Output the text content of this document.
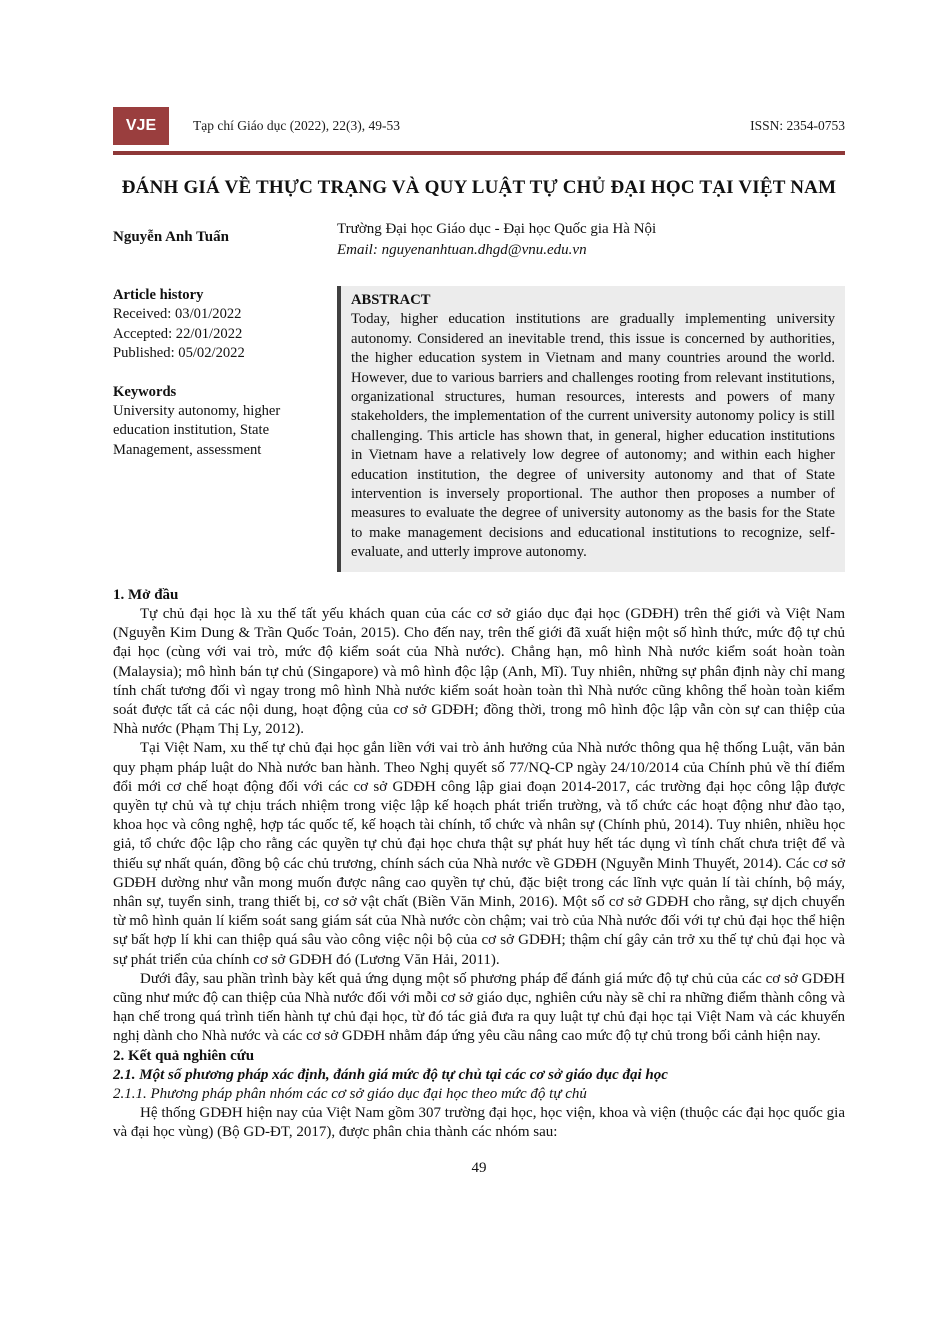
VJE	Tạp chí Giáo dục (2022), 22(3), 49-53	ISSN: 2354-0753
ĐÁNH GIÁ VỀ THỰC TRẠNG VÀ QUY LUẬT TỰ CHỦ ĐẠI HỌC TẠI VIỆT NAM
Nguyễn Anh Tuấn	Trường Đại học Giáo dục - Đại học Quốc gia Hà Nội
Email: nguyenanhtuan.dhgd@vnu.edu.vn
Article history
Received: 03/01/2022
Accepted: 22/01/2022
Published: 05/02/2022
Keywords
University autonomy, higher education institution, State Management, assessment
ABSTRACT
Today, higher education institutions are gradually implementing university autonomy. Considered an inevitable trend, this issue is concerned by authorities, the higher education system in Vietnam and many countries around the world. However, due to various barriers and challenges rooting from relevant institutions, organizational structures, human resources, interests and powers of many stakeholders, the implementation of the current university autonomy policy is still challenging. This article has shown that, in general, higher education institutions in Vietnam have a relatively low degree of autonomy; and within each higher education institution, the degree of university autonomy and that of State intervention is inversely proportional. The author then proposes a number of measures to evaluate the degree of university autonomy as the basis for the State to make management decisions and educational institutions to recognize, self-evaluate, and utterly improve autonomy.
1. Mở đầu
Tự chủ đại học là xu thế tất yếu khách quan của các cơ sở giáo dục đại học (GDĐH) trên thế giới và Việt Nam (Nguyễn Kim Dung & Trần Quốc Toản, 2015). Cho đến nay, trên thế giới đã xuất hiện một số hình thức, mức độ tự chủ đại học (cùng với vai trò, mức độ kiểm soát của Nhà nước). Chẳng hạn, mô hình Nhà nước kiểm soát hoàn toàn (Malaysia); mô hình bán tự chủ (Singapore) và mô hình độc lập (Anh, Mĩ). Tuy nhiên, những sự phân định này chỉ mang tính chất tương đối vì ngay trong mô hình Nhà nước kiểm soát hoàn toàn thì Nhà nước cũng không thể hoàn toàn kiểm soát được tất cả các nội dung, hoạt động của cơ sở GDĐH; đồng thời, trong mô hình độc lập vẫn còn sự can thiệp của Nhà nước (Phạm Thị Ly, 2012).
Tại Việt Nam, xu thế tự chủ đại học gắn liền với vai trò ảnh hưởng của Nhà nước thông qua hệ thống Luật, văn bản quy phạm pháp luật do Nhà nước ban hành. Theo Nghị quyết số 77/NQ-CP ngày 24/10/2014 của Chính phủ về thí điểm đổi mới cơ chế hoạt động đối với các cơ sở GDĐH công lập giai đoạn 2014-2017, các trường đại học công lập được quyền tự chủ và tự chịu trách nhiệm trong việc lập kế hoạch phát triển trường, và tổ chức các hoạt động như đào tạo, khoa học và công nghệ, hợp tác quốc tế, kế hoạch tài chính, tổ chức và nhân sự (Chính phủ, 2014). Tuy nhiên, nhiều học giả, tổ chức độc lập cho rằng các quyền tự chủ đại học chưa thật sự phát huy hết tác dụng vì tính chất chưa triệt để và thiếu sự nhất quán, đồng bộ các chủ trương, chính sách của Nhà nước về GDĐH (Nguyễn Minh Thuyết, 2014). Các cơ sở GDĐH dường như vẫn mong muốn được nâng cao quyền tự chủ, đặc biệt trong các lĩnh vực quản lí tài chính, bộ máy, nhân sự, tuyển sinh, trang thiết bị, cơ sở vật chất (Biền Văn Minh, 2016). Một số cơ sở GDĐH cho rằng, sự dịch chuyển từ mô hình quản lí kiểm soát sang giám sát của Nhà nước còn chậm; vai trò của Nhà nước đối với tự chủ đại học thể hiện sự bất hợp lí khi can thiệp quá sâu vào công việc nội bộ của cơ sở GDĐH; thậm chí gây cản trở xu thế tự chủ đại học và sự phát triển của chính cơ sở GDĐH đó (Lương Văn Hải, 2011).
Dưới đây, sau phần trình bày kết quả ứng dụng một số phương pháp để đánh giá mức độ tự chủ của các cơ sở GDĐH cũng như mức độ can thiệp của Nhà nước đối với mỗi cơ sở giáo dục, nghiên cứu này sẽ chỉ ra những điểm thành công và hạn chế trong quá trình tiến hành tự chủ đại học, từ đó tác giả đưa ra quy luật tự chủ đại học tại Việt Nam và các khuyến nghị dành cho Nhà nước và các cơ sở GDĐH nhằm đáp ứng yêu cầu nâng cao mức độ tự chủ trong bối cảnh hiện nay.
2. Kết quả nghiên cứu
2.1. Một số phương pháp xác định, đánh giá mức độ tự chủ tại các cơ sở giáo dục đại học
2.1.1. Phương pháp phân nhóm các cơ sở giáo dục đại học theo mức độ tự chủ
Hệ thống GDĐH hiện nay của Việt Nam gồm 307 trường đại học, học viện, khoa và viện (thuộc các đại học quốc gia và đại học vùng) (Bộ GD-ĐT, 2017), được phân chia thành các nhóm sau:
49
